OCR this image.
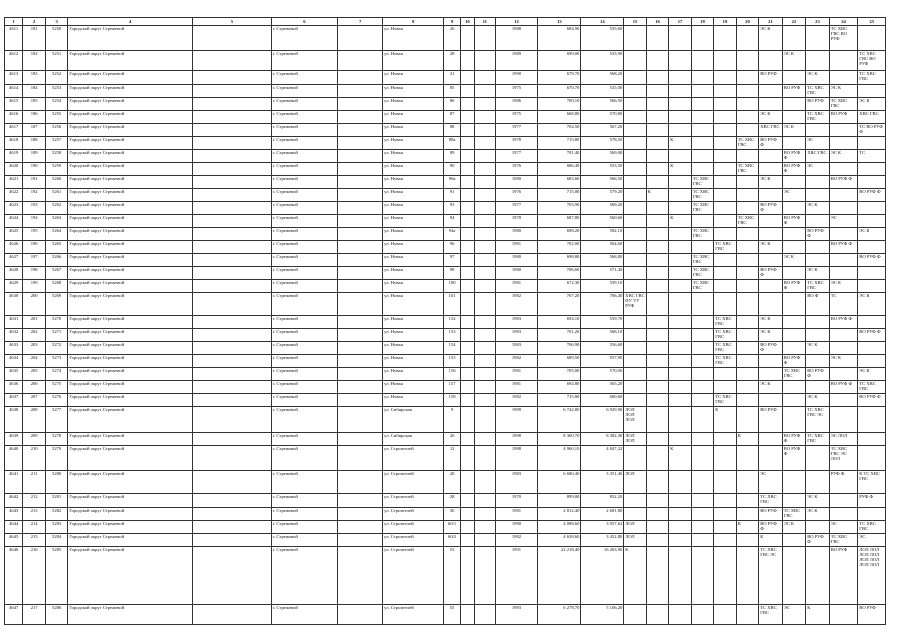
1	2	3	4	5	6	7	8	9	10	11	12	13	14	15	16	17	18	19	20	21	22	23	24	25
4611	181	5250	Городской округ Стрежевой		г. Стрежевой		ул. Новая	26			1988	684,90	535,60							ЭС К			ТС ХВС ГВС ВО РУФ	
4612	182	5251	Городской округ Стрежевой		г. Стрежевой		ул. Новая	28			1989	699,00	535,90								ЭС К			ТС ХВС ГВС ВО РУФ
4613	183	5252	Городской округ Стрежевой		г. Стрежевой		ул. Новая	31			1990	678,70	568,20							ВО РУФ		ЭС К		ТС ХВС ГВС
4614	184	5253	Городской округ Стрежевой		г. Стрежевой		ул. Новая	85			1975	670,70	535,00								ВО РУФ	ТС ХВС ГВС	ЭС К	
4615	185	5254	Городской округ Стрежевой		г. Стрежевой		ул. Новая	86			1986	700,10	566,50									ВО РУФ	ТС ХВС ГВС	ЭС К
4616	186	5255	Городской округ Стрежевой		г. Стрежевой		ул. Новая	87			1975	668,80	570,80							ЭС К		ТС ХВС ГВС	ВО РУФ	ХВС ГВС
4617	187	5256	Городской округ Стрежевой		г. Стрежевой		ул. Новая	88			1977	704,50	567,20							ХВС ГВС	ЭС К			ТС ВО РУФ Ф
4618	188	5257	Городской округ Стрежевой		г. Стрежевой		ул. Новая	88а			1978	715,80	578,50			К			ТС ХВС ГВС	ВО РУФ Ф		ЭС		
4619	189	5258	Городской округ Стрежевой		г. Стрежевой		ул. Новая	89			1977	701,40	569,00								ВО РУФ Ф	ХВС ГВС	ЭС К	ТС
4620	190	5259	Городской округ Стрежевой		г. Стрежевой		ул. Новая	90			1976	686,40	553,50			К			ТС ХВС ГВС		ВО РУФ Ф	ЭС		
4621	191	5260	Городской округ Стрежевой		г. Стрежевой		ул. Новая	90а			1980	683,60	566,50				ТС ХВС ГВС			ЭС К			ВО РУФ Ф	
4622	192	5261	Городской округ Стрежевой		г. Стрежевой		ул. Новая	91			1976	715,00	579,20		К		ТС ХВС ГВС				ЭС			ВО РУФ Ф
4623	193	5262	Городской округ Стрежевой		г. Стрежевой		ул. Новая	93			1977	703,90	569,20				ТС ХВС ГВС			ВО РУФ Ф		ЭС К		
4624	194	5263	Городской округ Стрежевой		г. Стрежевой		ул. Новая	94			1978	687,80	560,60			К			ТС ХВС ГВС		ВО РУФ Ф		ЭС	
4625	195	5264	Городской округ Стрежевой		г. Стрежевой		ул. Новая	94а			1980	698,20	582,10				ТС ХВС ГВС					ВО РУФ Ф		ЭС К
4626	196	5265	Городской округ Стрежевой		г. Стрежевой		ул. Новая	96			1981	702,00	564,60					ТС ХВС ГВС		ЭС К			ВО РУФ Ф	
4627	197	5266	Городской округ Стрежевой		г. Стрежевой		ул. Новая	97			1980	698,80	568,80				ТС ХВС ГВС				ЭС К			ВО РУФ Ф
4628	198	5267	Городской округ Стрежевой		г. Стрежевой		ул. Новая	98			1980	706,60	571,40				ТС ХВС ГВС			ВО РУФ Ф		ЭС К		
4629	199	5268	Городской округ Стрежевой		г. Стрежевой		ул. Новая	100			1981	672,30	559,10				ТС ХВС ГВС				ВО РУФ Ф	ТС ХВС ГВС	ЭС К	
4630	200	5269	Городской округ Стрежевой		г. Стрежевой		ул. Новая	101			1982	767,20	706,40	ХВС ГВС ПУ УУ РУФ								ВО Ф	ТС	ЭС К
4631	201	5270	Городской округ Стрежевой		г. Стрежевой		ул. Новая	152			1983	694,10	559,70					ТС ХВС ГВС		ЭС К			ВО РУФ Ф	
4632	202	5271	Городской округ Стрежевой		г. Стрежевой		ул. Новая	153			1983	701,20	568,10					ТС ХВС ГВС		ЭС К				ВО РУФ Ф
4633	203	5272	Городской округ Стрежевой		г. Стрежевой		ул. Новая	154			1983	706,90	556,60					ТС ХВС ГВС		ВО РУФ Ф		ЭС К		
4634	204	5273	Городской округ Стрежевой		г. Стрежевой		ул. Новая	155			1982	689,50	557,90					ТС ХВС ГВС			ВО РУФ Ф		ЭС К	
4635	205	5274	Городской округ Стрежевой		г. Стрежевой		ул. Новая	156			1981	705,00	570,00								ТС ХВС ГВС	ВО РУФ Ф		ЭС К
4636	206	5275	Городской округ Стрежевой		г. Стрежевой		ул. Новая	157			1981	694,80	565,20							ЭС К			ВО РУФ Ф	ТС ХВС ГВС
4637	207	5276	Городской округ Стрежевой		г. Стрежевой		ул. Новая	158			1982	715,80	600,60					ТС ХВС ГВС				ЭС К		ВО РУФ Ф
4638	208	5277	Городской округ Стрежевой		г. Стрежевой		ул. Сибирская	9			1999	6 742,80	6 929,90	ЛОЛ ЛОЛ ЛОЛ				К		ВО РУФ		ТС ХВС ГВС ЭС		
4639	209	5278	Городской округ Стрежевой		г. Стрежевой		ул. Сибирская	26			1998	8 360,70	8 382,30	ЛОЛ ЛОЛ					К		ВО РУФ Ф	ТС ХВС ГВС	ЭС ЛОЛ	
4640	210	5279	Городской округ Стрежевой		г. Стрежевой		ул. Строителей	12			1988	4 960,10	4 847,22			К					ВО РУФ Ф		ТС ХВС ГВС ЭС ЛОЛ	
4641	211	5280	Городской округ Стрежевой		г. Стрежевой		ул. Строителей	20			1983	6 680,40	3 351,46	ЛОЛ						ЭС			РУФ Ф	К ТС ХВС ГВС
4642	212	5281	Городской округ Стрежевой		г. Стрежевой		ул. Строителей	28			1970	899,00	852,20							ТС ХВС ГВС		ЭС К		РУФ Ф
4643	213	5282	Городской округ Стрежевой		г. Стрежевой		ул. Строителей	30			1981	2 812,40	2 681,80							ВО РУФ	ТС ХВС ГВС	ЭС К		
4644	214	5283	Городской округ Стрежевой		г. Стрежевой		ул. Строителей	60/1			1980	4 088,60	3 957,62	ЛОЛ					К	ВО РУФ Ф	ЭС К		ЭС	ТС ХВС ГВС
4645	215	5284	Городской округ Стрежевой		г. Стрежевой		ул. Строителей	60/2			1982	4 638,60	3 452,80	ЛОЛ						К		ВО РУФ Ф	ТС ХВС ГВС	ЭС
4646	216	5285	Городской округ Стрежевой		г. Стрежевой		ул. Строителей	53			1991	22 218,40	16 263,90	К						ТС ХВС ГВС ЭС			ВО РУФ	ЛОЛ ЛОЛ ЛОЛ ЛОЛ ЛОЛ ЛОЛ ЛОЛ ЛОЛ
4647	217	5286	Городской округ Стрежевой		г. Стрежевой		ул. Строителей	55			1993	6 278,70	5 106,20							ТС ХВС ГВС	ЭС	К		ВО РУФ
